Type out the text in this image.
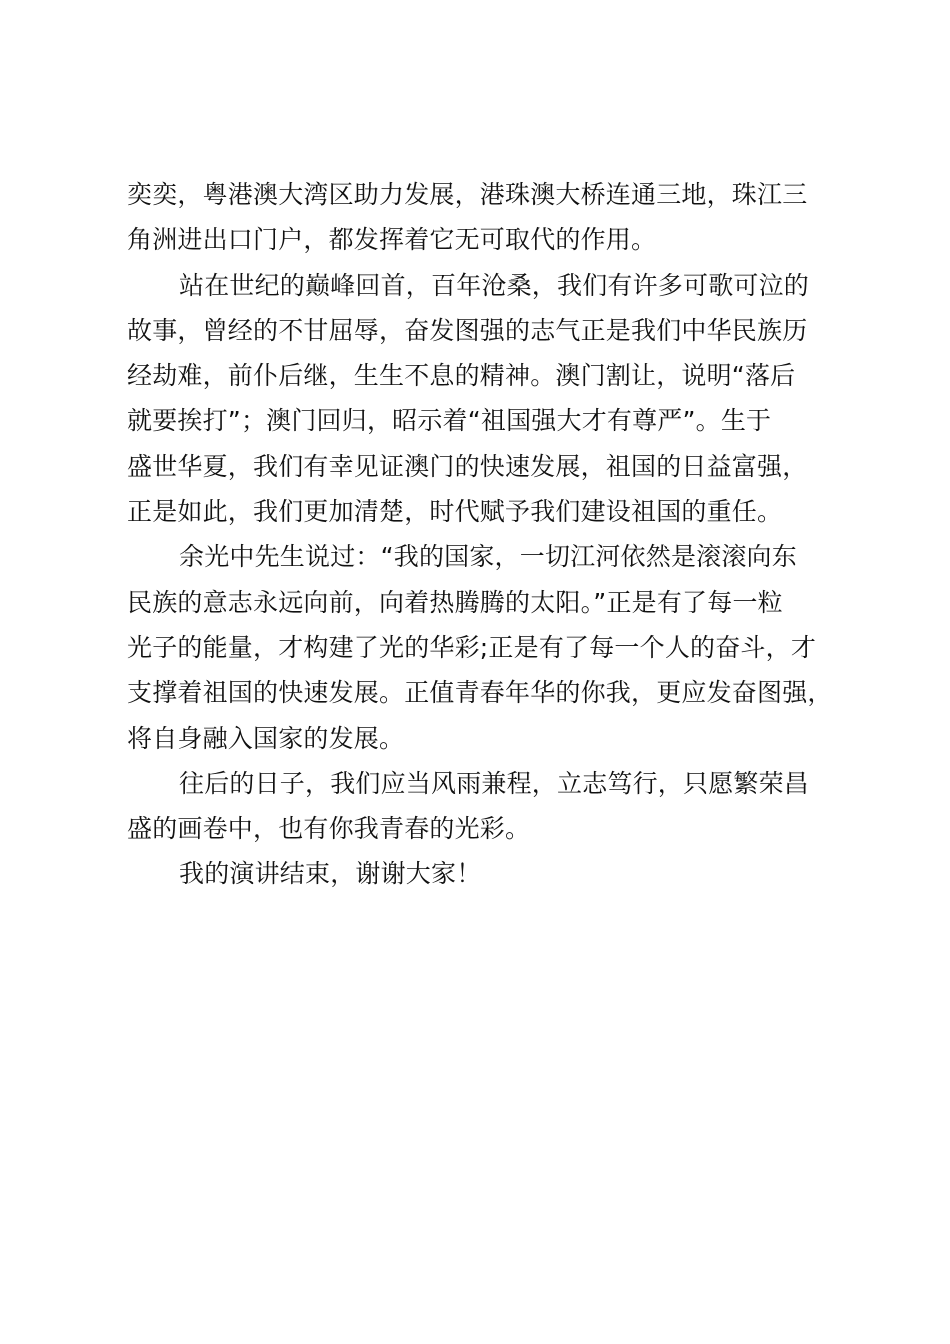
奕奕，粤港澳大湾区助力发展，港珠澳大桥连通三地，珠江三
角洲进出口门户，都发挥着它无可取代的作用。
站在世纪的巅峰回首，百年沧桑，我们有许多可歌可泣的
故事，曾经的不甘屈辱，奋发图强的志气正是我们中华民族历
经劫难，前仆后继，生生不息的精神。澳门割让，说明“落后
就要挨打”；澳门回归，昭示着“祖国强大才有尊严”。生于
盛世华夏，我们有幸见证澳门的快速发展，祖国的日益富强，
正是如此，我们更加清楚，时代赋予我们建设祖国的重任。
余光中先生说过：“我的国家，一切江河依然是滚滚向东
民族的意志永远向前，向着热腾腾的太阳。”正是有了每一粒
光子的能量，才构建了光的华彩;正是有了每一个人的奋斗，才
支撑着祖国的快速发展。正值青春年华的你我，更应发奋图强，
将自身融入国家的发展。
往后的日子，我们应当风雨兼程，立志笃行，只愿繁荣昌
盛的画卷中，也有你我青春的光彩。
我的演讲结束，谢谢大家！
